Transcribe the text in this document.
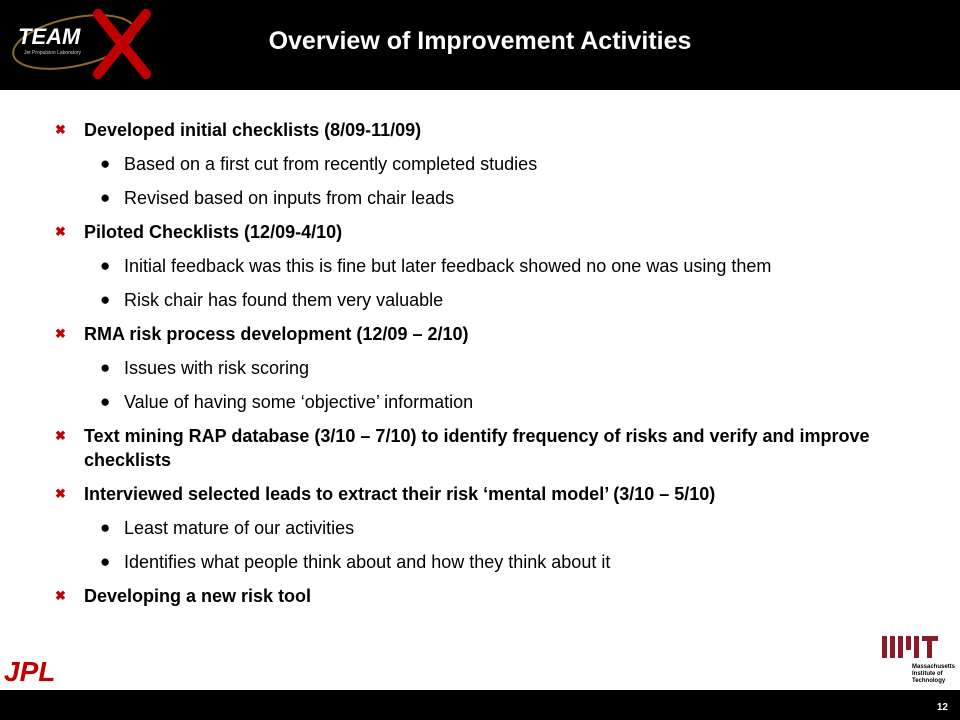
TEAM
Jet Propulsion Laboratory	Overview of Improvement Activities
✖ Developed initial checklists (8/09-11/09)
● Based on a first cut from recently completed studies
● Revised based on inputs from chair leads
✖ Piloted Checklists (12/09-4/10)
● Initial feedback was this is fine but later feedback showed no one was using them
● Risk chair has found them very valuable
✖ RMA risk process development (12/09 – 2/10)
● Issues with risk scoring
● Value of having some ‘objective’ information
✖ Text mining RAP database (3/10 – 7/10) to identify frequency of risks and verify and improve checklists
✖ Interviewed selected leads to extract their risk ‘mental model’ (3/10 – 5/10)
● Least mature of our activities
● Identifies what people think about and how they think about it
✖ Developing a new risk tool
JPL	Massachusetts
Institute of
Technology
12
